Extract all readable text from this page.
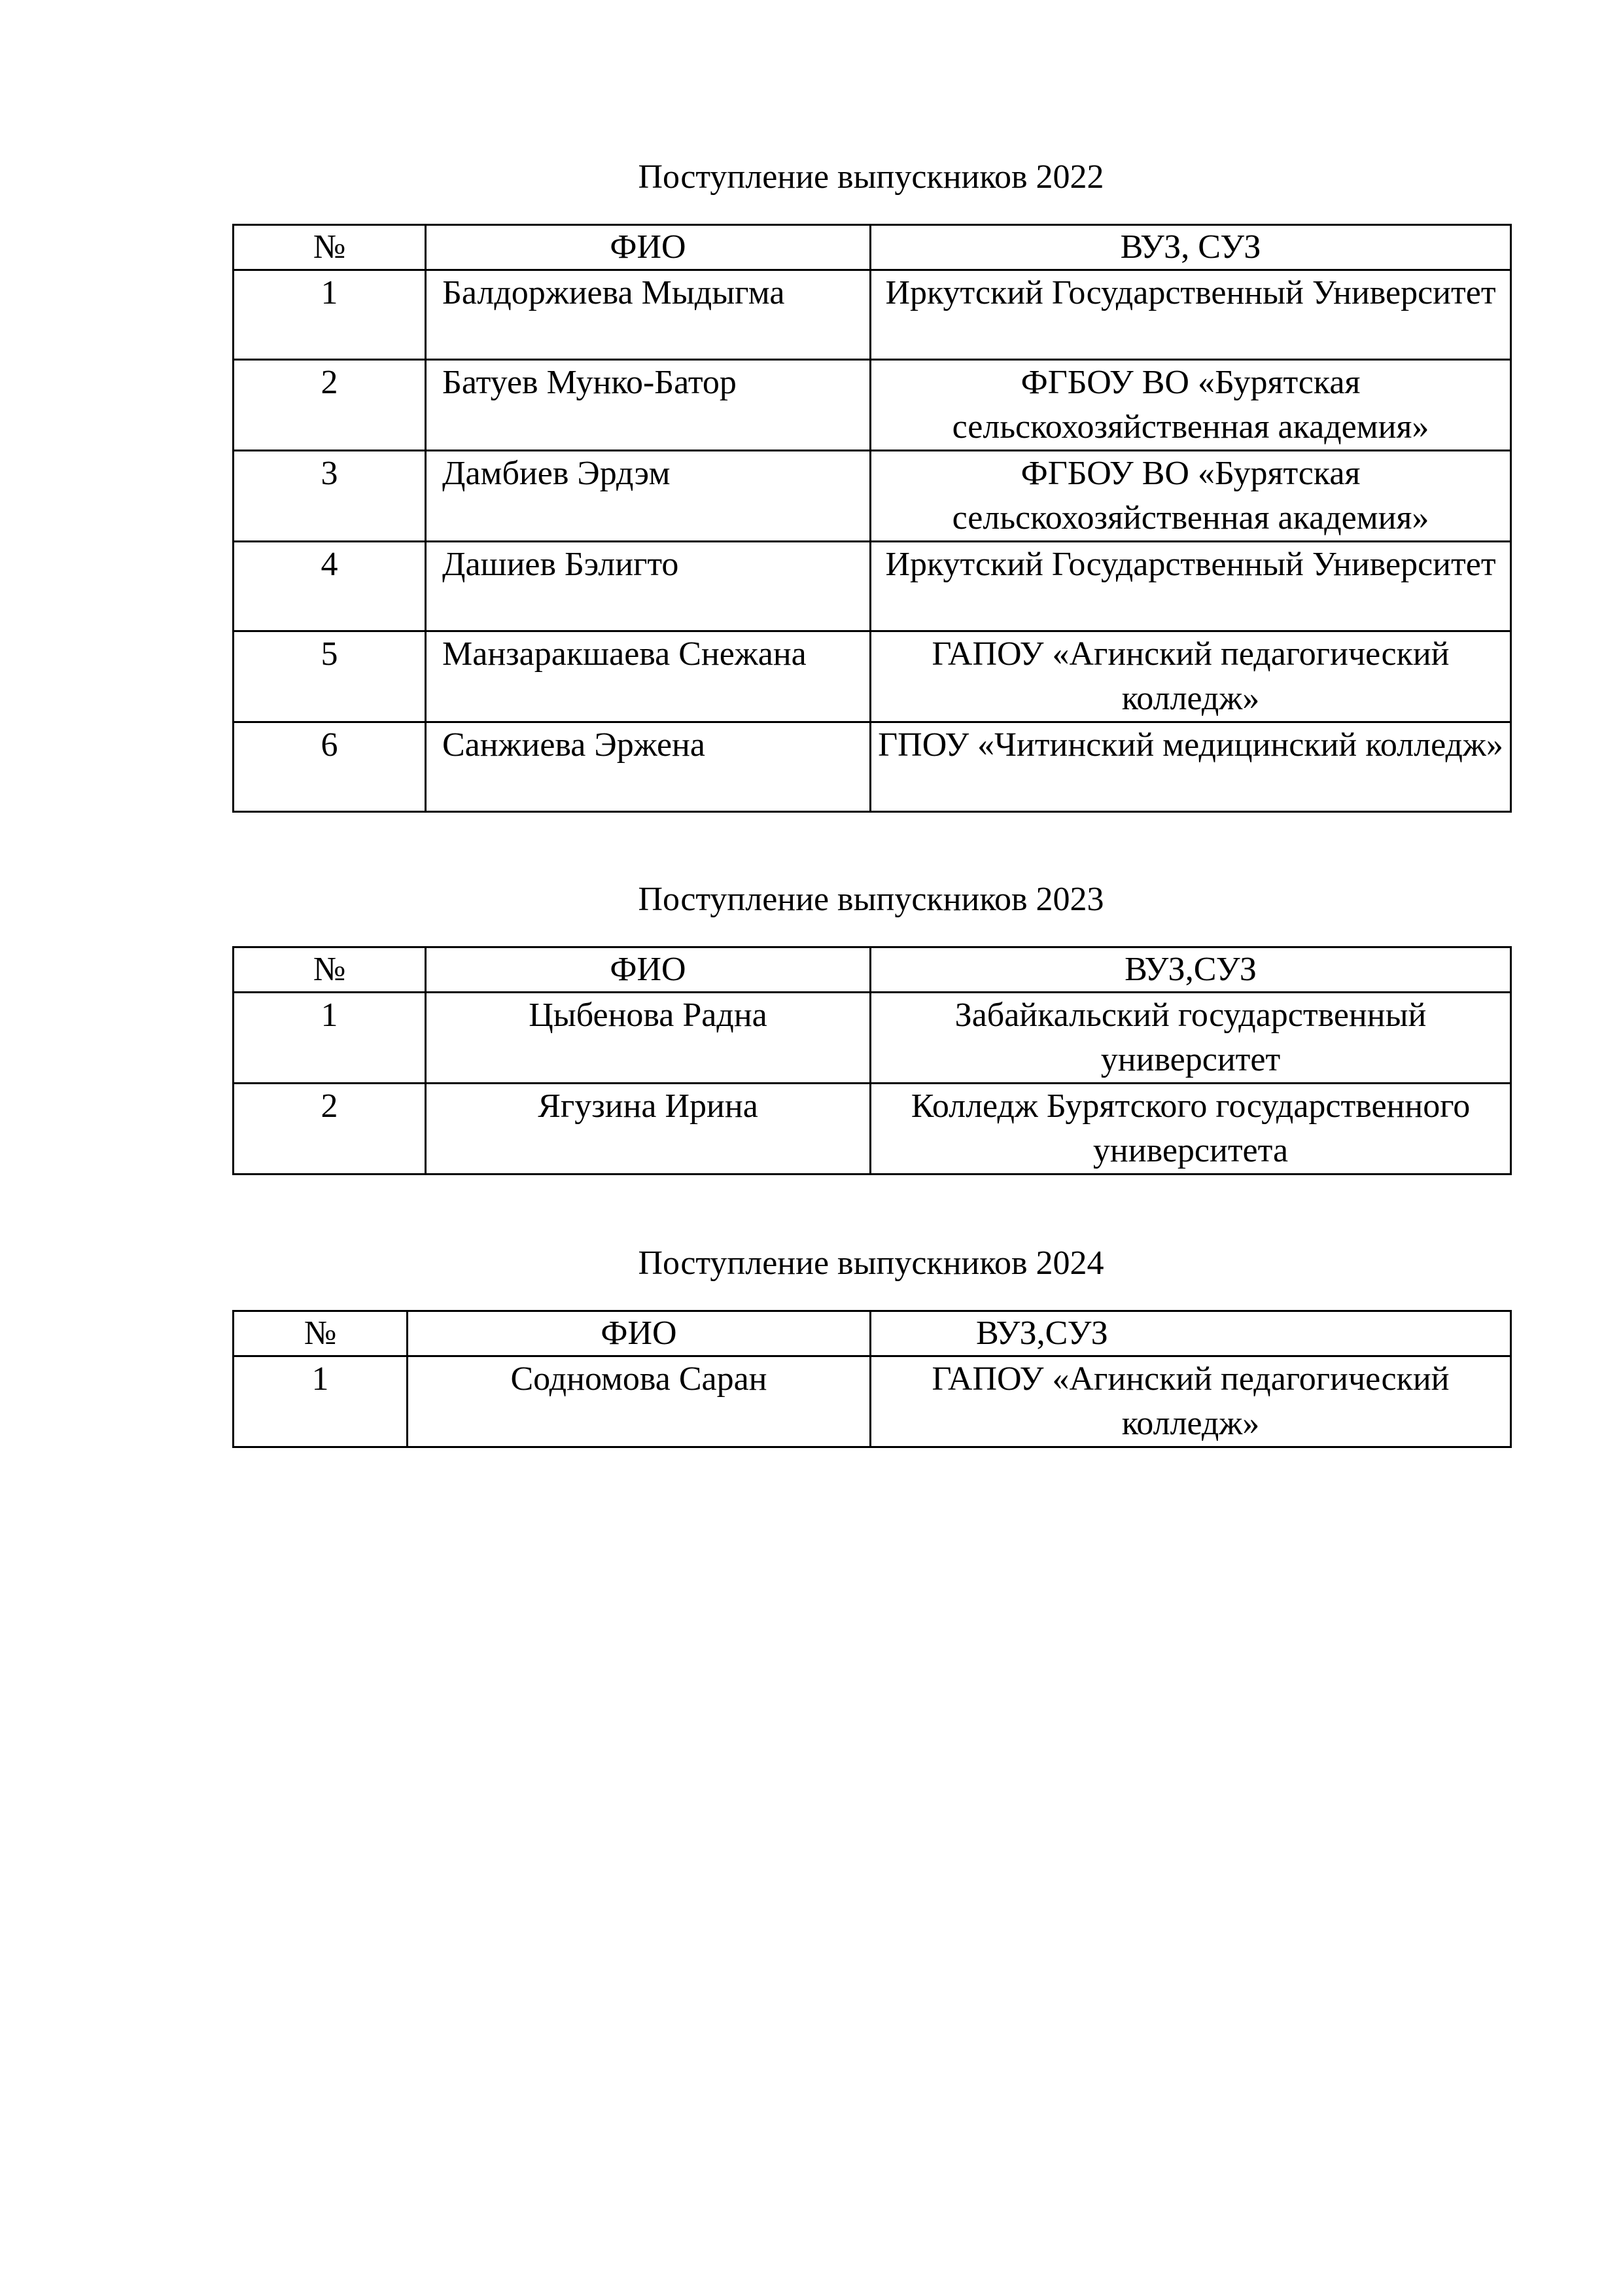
Поступление выпускников 2022
№	ФИО	ВУЗ, СУЗ
1	Балдоржиева Мыдыгма	Иркутский Государственный Университет
2	Батуев Мунко-Батор	ФГБОУ ВО «Бурятская сельскохозяйственная академия»
3	Дамбиев Эрдэм	ФГБОУ ВО «Бурятская сельскохозяйственная академия»
4	Дашиев Бэлигто	Иркутский Государственный Университет
5	Манзаракшаева Снежана	ГАПОУ «Агинский педагогический колледж»
6	Санжиева Эржена	ГПОУ «Читинский медицинский колледж»
Поступление выпускников 2023
№	ФИО	ВУЗ,СУЗ
1	Цыбенова Радна	Забайкальский государственный университет
2	Ягузина Ирина	Колледж Бурятского государственного университета
Поступление выпускников 2024
№	ФИО	ВУЗ,СУЗ
1	Содномова Саран	ГАПОУ «Агинский педагогический колледж»
